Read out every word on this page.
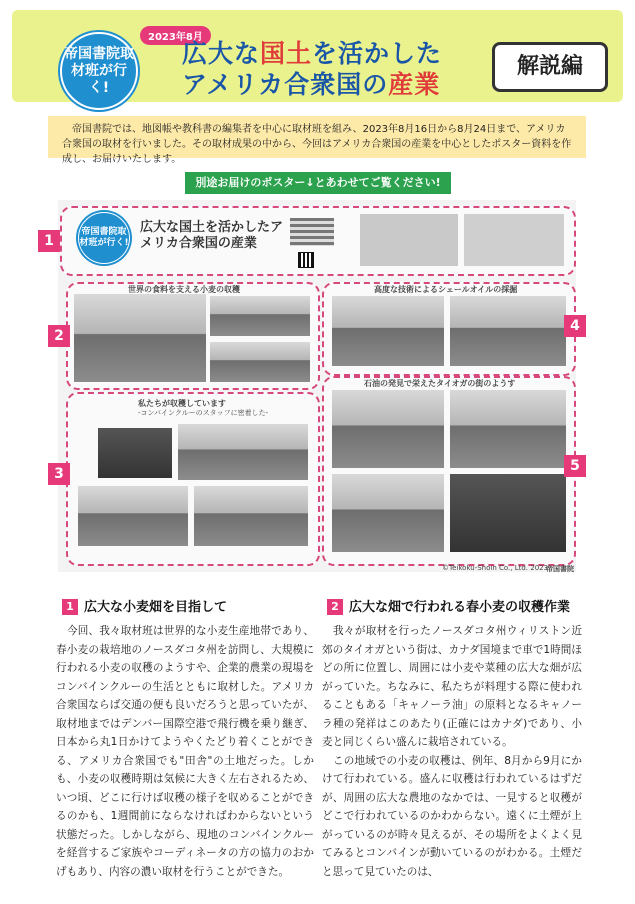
帝国書院取材班が行く!
2023年8月
広大な国土を活かした
アメリカ合衆国の産業
解説編
帝国書院では、地図帳や教科書の編集者を中心に取材班を組み、2023年8月16日から8月24日まで、アメリカ合衆国の取材を行いました。その取材成果の中から、今回はアメリカ合衆国の産業を中心としたポスター資料を作成し、お届けいたします。
別途お届けのポスター↓とあわせてご覧ください!
帝国書院取材班が行く!
広大な国土を活かしたアメリカ合衆国の産業
世界の食料を支える小麦の収穫
私たちが収穫しています
-コンバインクルーのスタッフに密着した-
高度な技術によるシェールオイルの採掘
石油の発見で栄えたタイオガの街のようす
©Teikoku-Shoin Co., Ltd. 2023
帝国書院
1
2
3
4
5
1 広大な小麦畑を目指して

今回、我々取材班は世界的な小麦生産地帯であり、春小麦の栽培地のノースダコタ州を訪問し、大規模に行われる小麦の収穫のようすや、企業的農業の現場をコンバインクルーの生活とともに取材した。アメリカ合衆国ならば交通の便も良いだろうと思っていたが、取材地まではデンバー国際空港で飛行機を乗り継ぎ、日本から丸1日かけてようやくたどり着くことができる、アメリカ合衆国でも"田舎"の土地だった。しかも、小麦の収穫時期は気候に大きく左右されるため、いつ頃、どこに行けば収穫の様子を収めることができるのかも、1週間前にならなければわからないという状態だった。しかしながら、現地のコンバインクルーを経営するご家族やコーディネータの方の協力のおかげもあり、内容の濃い取材を行うことができた。

2 広大な畑で行われる春小麦の収穫作業

我々が取材を行ったノースダコタ州ウィリストン近郊のタイオガという街は、カナダ国境まで車で1時間ほどの所に位置し、周囲には小麦や菜種の広大な畑が広がっていた。ちなみに、私たちが料理する際に使われることもある「キャノーラ油」の原料となるキャノーラ種の発祥はこのあたり(正確にはカナダ)であり、小麦と同じくらい盛んに栽培されている。

この地域での小麦の収穫は、例年、8月から9月にかけて行われている。盛んに収穫は行われているはずだが、周囲の広大な農地のなかでは、一見すると収穫がどこで行われているのかわからない。遠くに土煙が上がっているのが時々見えるが、その場所をよくよく見てみるとコンバインが動いているのがわかる。土煙だと思って見ていたのは、
